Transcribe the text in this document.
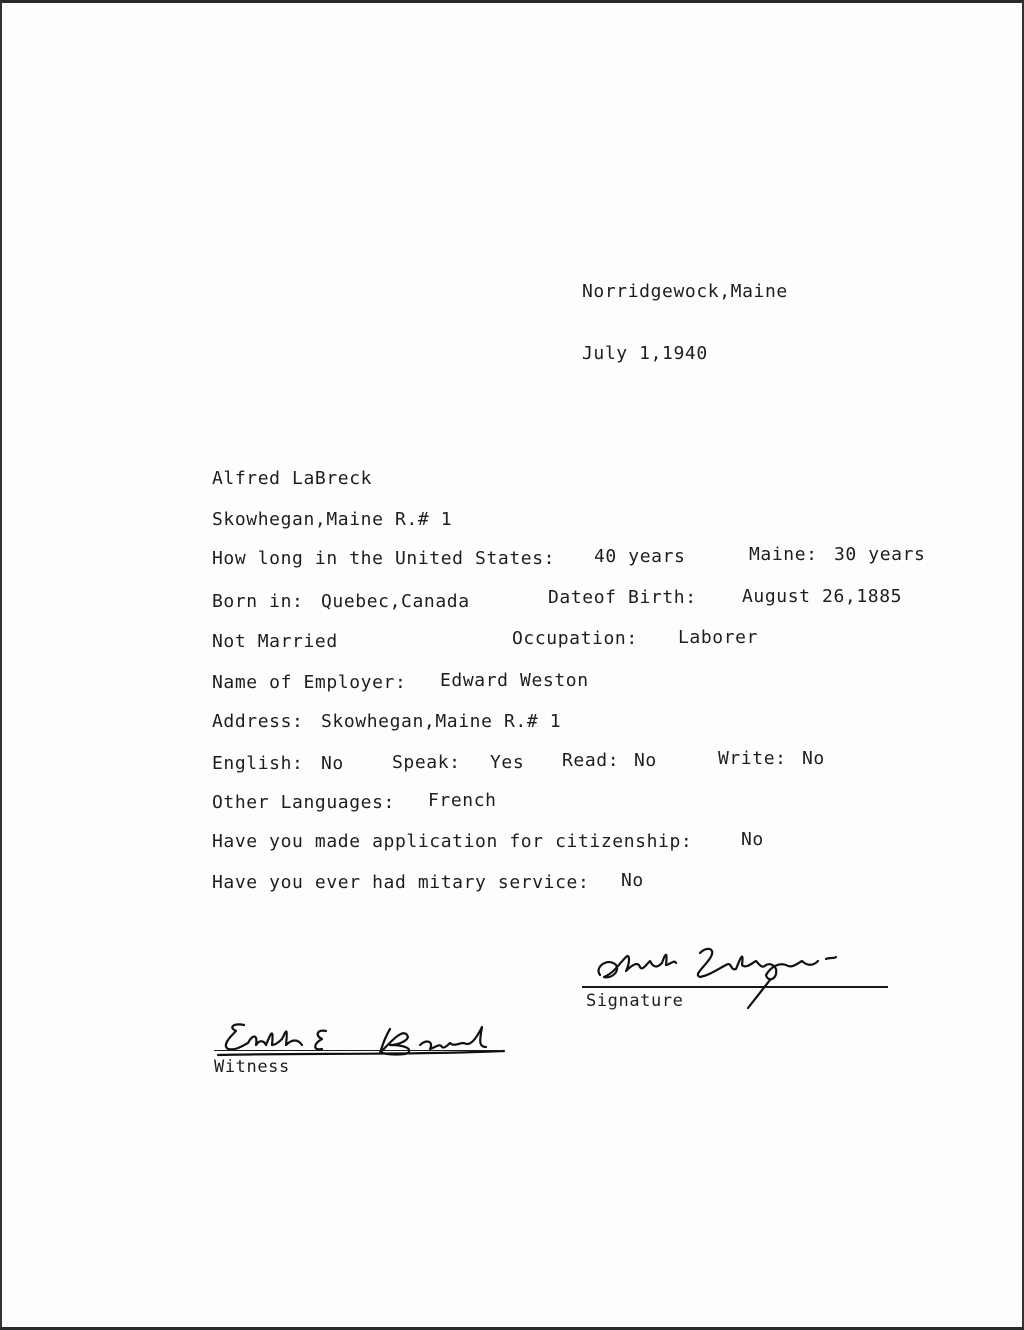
Norridgewock,Maine
July 1,1940
Alfred LaBreck
Skowhegan,Maine R.# 1
How long in the United States: 40 years	Maine: 30 years
Born in: Quebec,Canada	Dateof Birth:	August 26,1885
Not Married	Occupation: Laborer
Name of Employer: Edward Weston
Address: Skowhegan,Maine R.# 1
English: No	Speak: Yes Read: No	Write: No
Other Languages: French
Have you made application for citizenship:	No
Have you ever had mitary service: No
Signature
Witness
